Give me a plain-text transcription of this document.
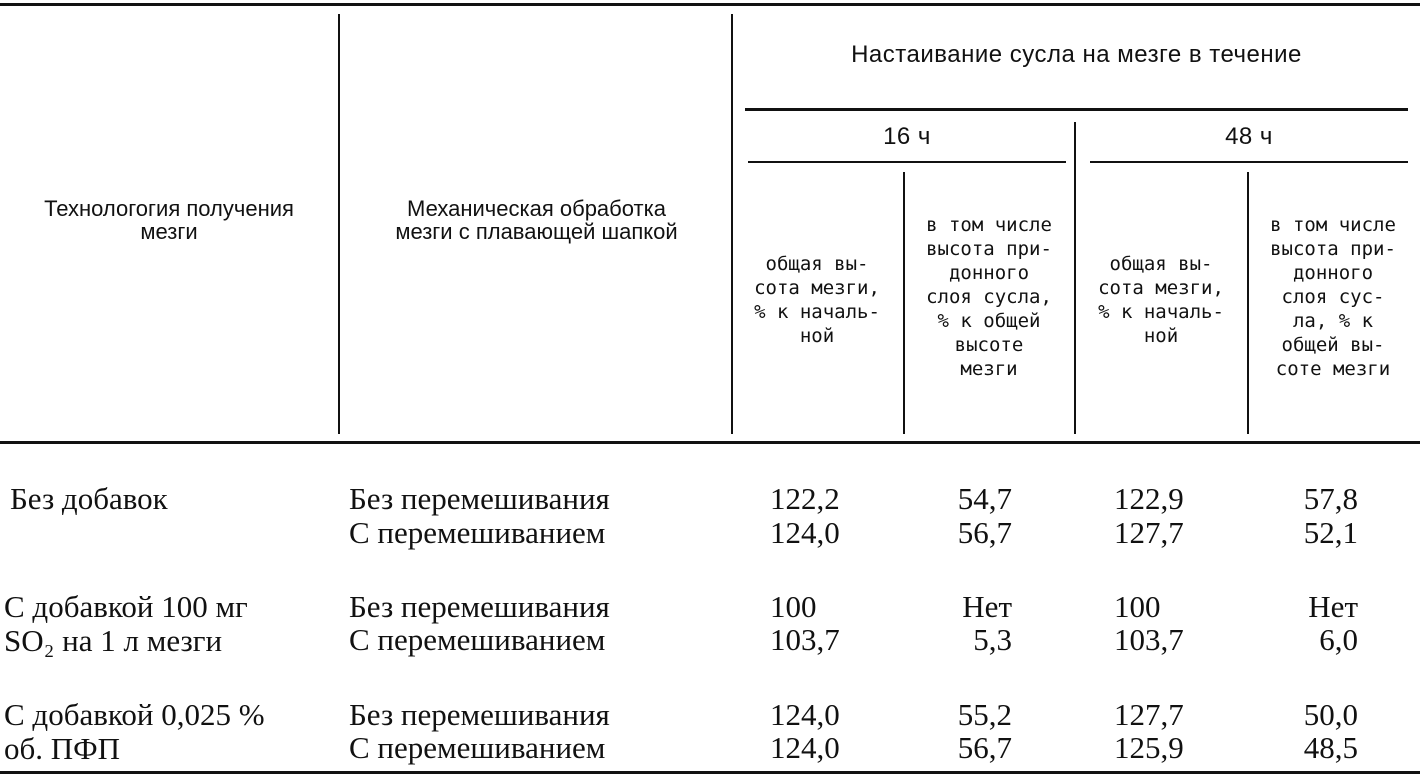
Технологогия получения
мезги
Механическая обработка
мезги с плавающей шапкой
Настаивание сусла на мезге в течение
16 ч	48 ч
общая вы-
сота мезги,
% к началь-
ной
в том числе
высота при-
донного
слоя сусла,
% к общей
высоте
мезги
общая вы-
сота мезги,
% к началь-
ной
в том числе
высота при-
донного
слоя сус-
ла, % к
общей вы-
соте мезги
Без добавок	Без перемешивания
С перемешиванием
122,2
124,0
54,7
56,7
122,9
127,7
57,8
52,1
С добавкой 100 мг
SO₂ на 1 л мезги
Без перемешивания
С перемешиванием
100
103,7
Нет
5,3
100
103,7
Нет
6,0
С добавкой 0,025 %
об. ПФП
Без перемешивания
С перемешиванием
124,0
124,0
55,2
56,7
127,7
125,9
50,0
48,5
